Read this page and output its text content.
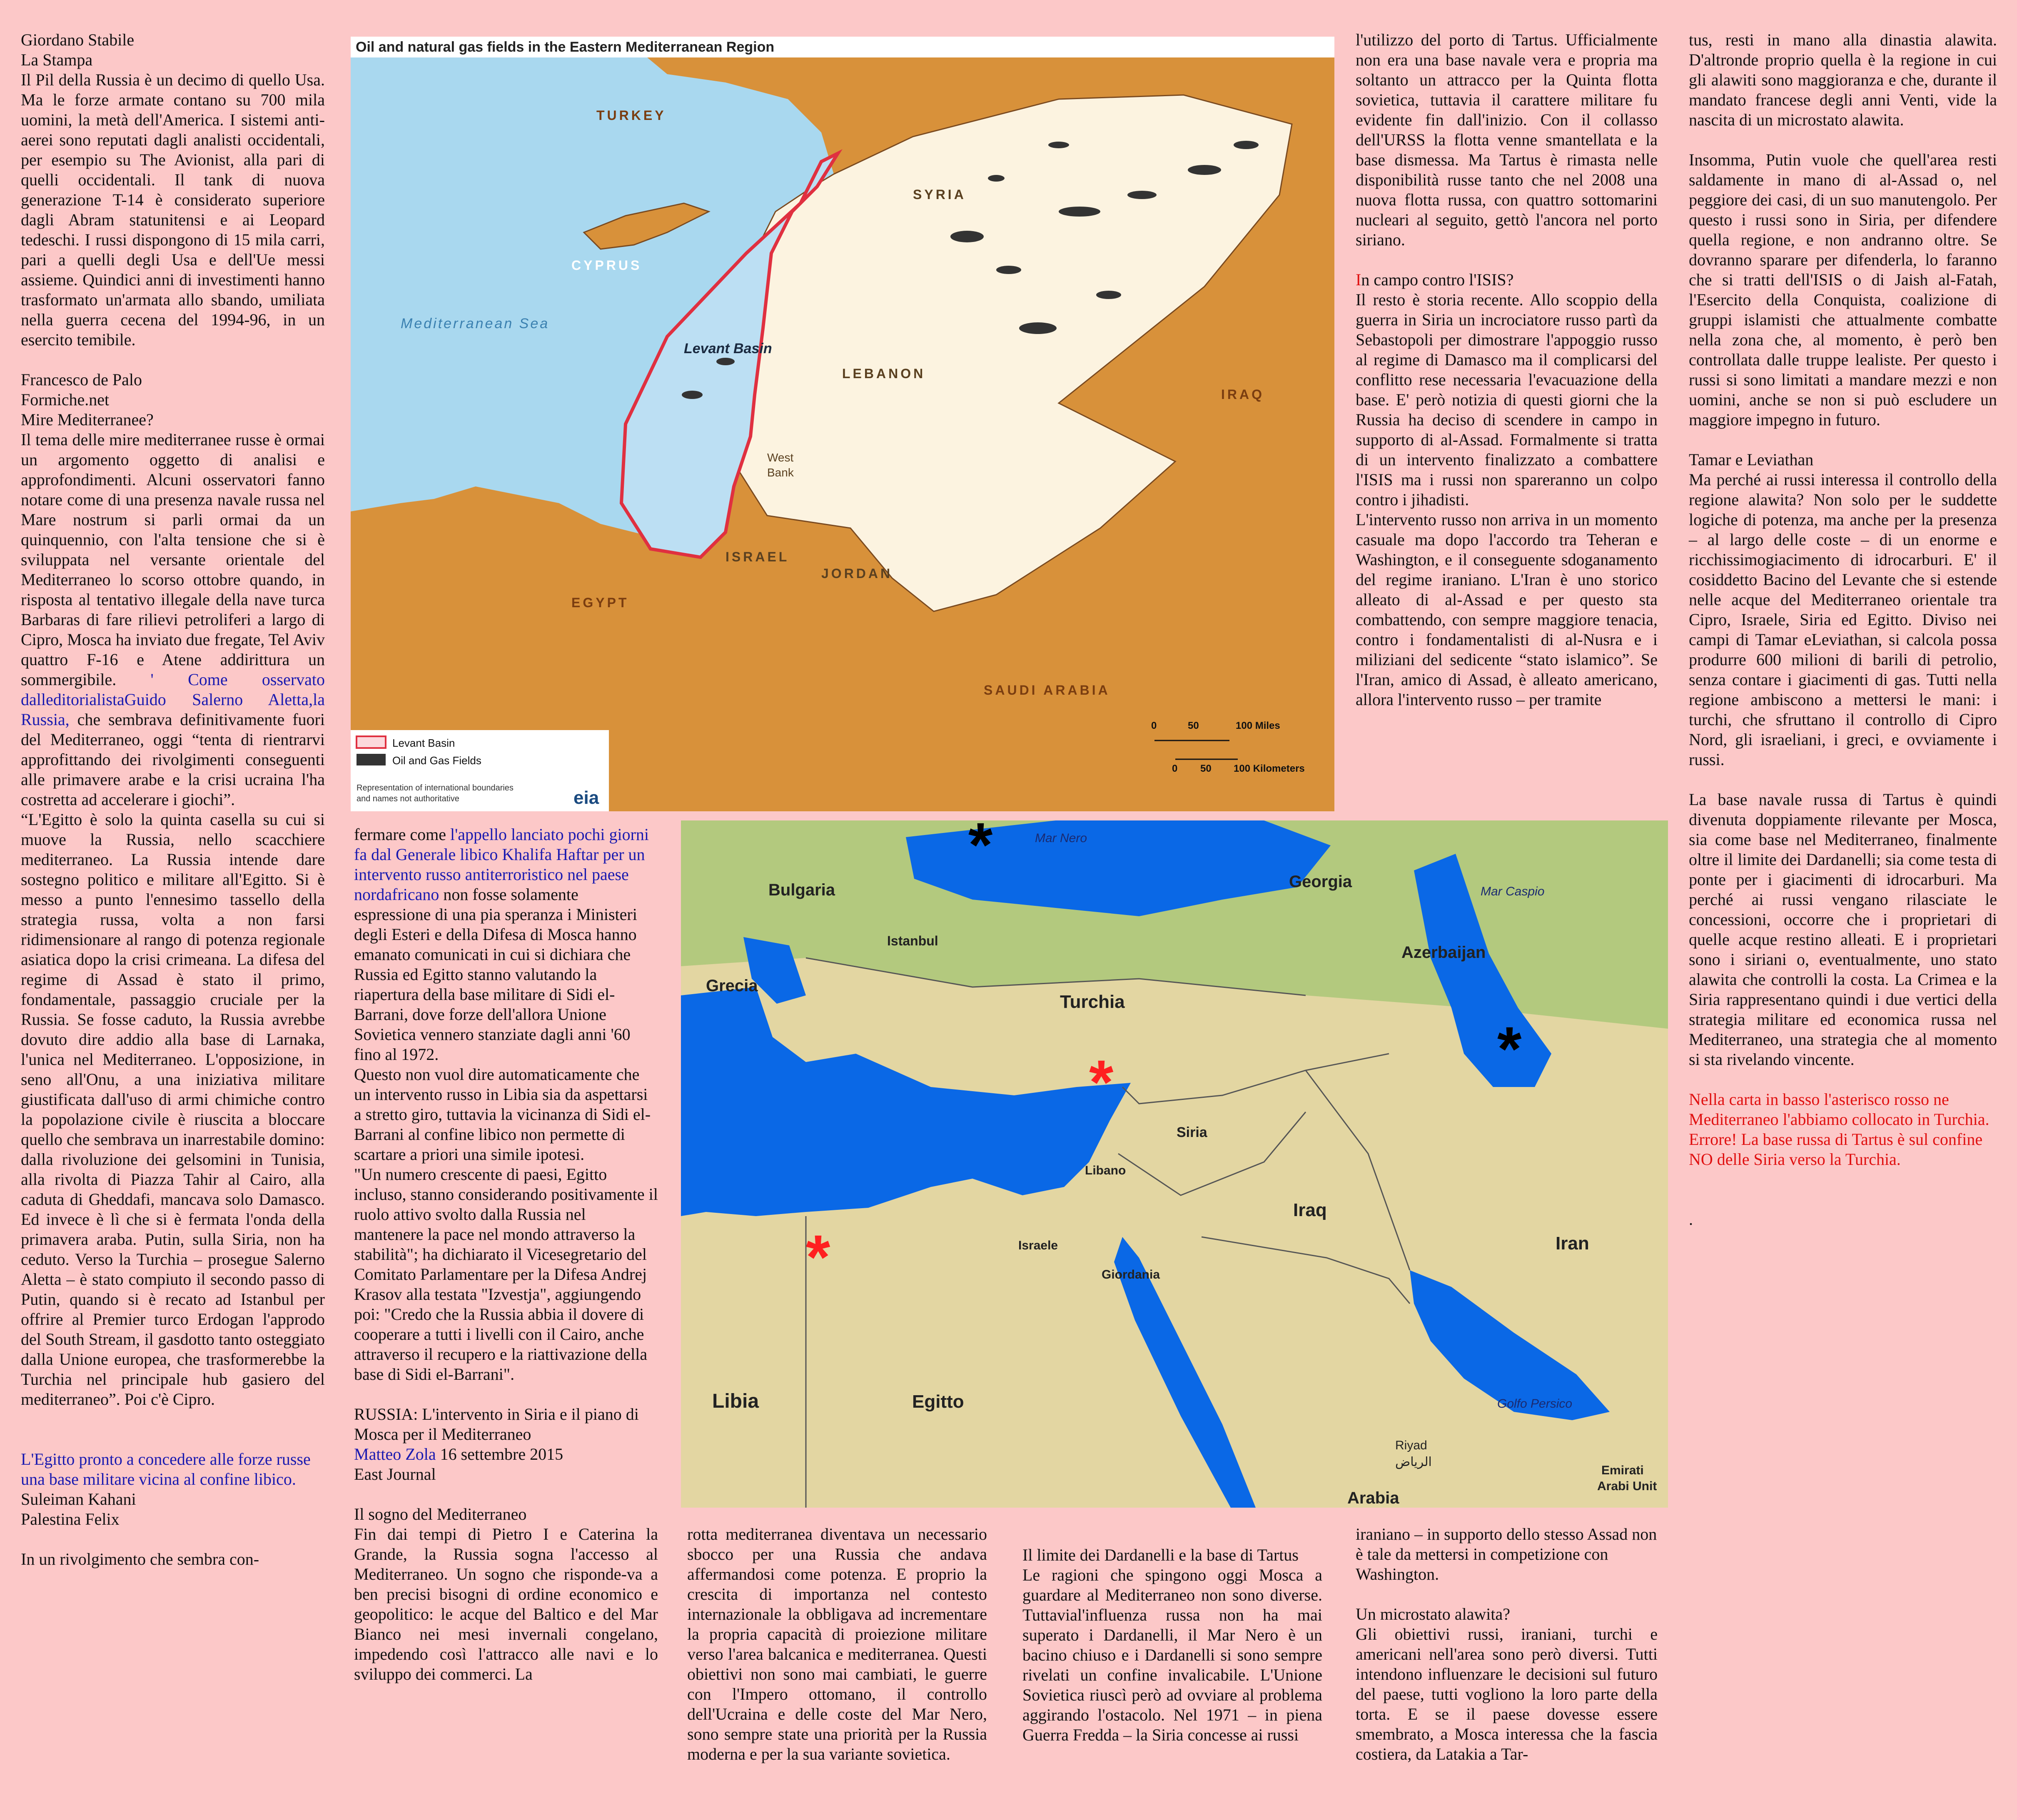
Giordano Stabile

La Stampa

Il Pil della Russia è un decimo di quello Usa. Ma le forze armate contano su 700 mila uomini, la metà dell'America. I sistemi anti-aerei sono reputati dagli analisti occidentali, per esempio su The Avionist, alla pari di quelli occidentali. Il tank di nuova generazione T-14 è considerato superiore dagli Abram statunitensi e ai Leopard tedeschi. I russi dispongono di 15 mila carri, pari a quelli degli Usa e dell'Ue messi assieme. Quindici anni di investimenti hanno trasformato un'armata allo sbando, umiliata nella guerra cecena del 1994-96, in un esercito temibile.

Francesco de Palo

Formiche.net

Mire Mediterranee?

Il tema delle mire mediterranee russe è ormai un argomento oggetto di analisi e approfondimenti. Alcuni osservatori fanno notare come di una presenza navale russa nel Mare nostrum si parli ormai da un quinquennio, con l'alta tensione che si è sviluppata nel versante orientale del Mediterraneo lo scorso ottobre quando, in risposta al tentativo illegale della nave turca Barbaras di fare rilievi petroliferi a largo di Cipro, Mosca ha inviato due fregate, Tel Aviv quattro F-16 e Atene addirittura un sommergibile. ' Come osservato dalleditorialistaGuido Salerno Aletta,la Russia, che sembrava definitivamente fuori del Mediterraneo, oggi “tenta di rientrarvi approfittando dei rivolgimenti conseguenti alle primavere arabe e la crisi ucraina l'ha costretta ad accelerare i giochi”.

“L'Egitto è solo la quinta casella su cui si muove la Russia, nello scacchiere mediterraneo. La Russia intende dare sostegno politico e militare all'Egitto. Si è messo a punto l'ennesimo tassello della strategia russa, volta a non farsi ridimensionare al rango di potenza regionale asiatica dopo la crisi crimeana. La difesa del regime di Assad è stato il primo, fondamentale, passaggio cruciale per la Russia. Se fosse caduto, la Russia avrebbe dovuto dire addio alla base di Larnaka, l'unica nel Mediterraneo. L'opposizione, in seno all'Onu, a una iniziativa militare giustificata dall'uso di armi chimiche contro la popolazione civile è riuscita a bloccare quello che sembrava un inarrestabile domino: dalla rivoluzione dei gelsomini in Tunisia, alla rivolta di Piazza Tahir al Cairo, alla caduta di Gheddafi, mancava solo Damasco. Ed invece è lì che si è fermata l'onda della primavera araba. Putin, sulla Siria, non ha ceduto. Verso la Turchia – prosegue Salerno Aletta – è stato compiuto il secondo passo di Putin, quando si è recato ad Istanbul per offrire al Premier turco Erdogan l'approdo del South Stream, il gasdotto tanto osteggiato dalla Unione europea, che trasformerebbe la Turchia nel principale hub gasiero del mediterraneo”. Poi c'è Cipro.

L'Egitto pronto a concedere alle forze russe una base militare vicina al confine libico.

Suleiman Kahani

Palestina Felix

In un rivolgimento che sembra con-

Oil and natural gas fields in the Eastern Mediterranean Region
TURKEY
SYRIA
CYPRUS
LEBANON
IRAQ
ISRAEL
JORDAN
EGYPT
SAUDI ARABIA
Mediterranean Sea
Levant Basin
West
Bank
0	50	100 Miles
0 50 100 Kilometers
Levant Basin
Oil and Gas Fields
Representation of international boundaries
and names not authoritative	eia

fermare come l'appello lanciato pochi giorni fa dal Generale libico Khalifa Haftar per un intervento russo antiterroristico nel paese nordafricano non fosse solamente espressione di una pia speranza i Ministeri degli Esteri e della Difesa di Mosca hanno emanato comunicati in cui si dichiara che Russia ed Egitto stanno valutando la riapertura della base militare di Sidi el-Barrani, dove forze dell'allora Unione Sovietica vennero stanziate dagli anni '60 fino al 1972.

Questo non vuol dire automaticamente che un intervento russo in Libia sia da aspettarsi a stretto giro, tuttavia la vicinanza di Sidi el-Barrani al confine libico non permette di scartare a priori una simile ipotesi.

"Un numero crescente di paesi, Egitto incluso, stanno considerando positivamente il ruolo attivo svolto dalla Russia nel mantenere la pace nel mondo attraverso la stabilità"; ha dichiarato il Vicesegretario del Comitato Parlamentare per la Difesa Andrej Krasov alla testata "Izvestja", aggiungendo poi: "Credo che la Russia abbia il dovere di cooperare a tutti i livelli con il Cairo, anche attraverso il recupero e la riattivazione della base di Sidi el-Barrani".

RUSSIA: L'intervento in Siria e il piano di Mosca per il Mediterraneo

Matteo Zola 16 settembre 2015

East Journal

Il sogno del Mediterraneo

Fin dai tempi di Pietro I e Caterina la Grande, la Russia sogna l'accesso al Mediterraneo. Un sogno che risponde-va a ben precisi bisogni di ordine economico e geopolitico: le acque del Baltico e del Mar Bianco nei mesi invernali congelano, impedendo così l'attracco alle navi e lo sviluppo dei commerci. La

*
*
*
*
Mar Nero
Bulgaria	Georgia
Mar Caspio
Istanbul
Azerbaijan
Grecia
Turchia
Siria
Libano
Iraq
Israele	Iran
Giordania
Libia	Egitto	Golfo Persico
Riyad
الرياض
Arabia
Emirati
Arabi Unit

rotta mediterranea diventava un necessario sbocco per una Russia che andava affermandosi come potenza. E proprio la crescita di importanza nel contesto internazionale la obbligava ad incrementare la propria capacità di proiezione militare verso l'area balcanica e mediterranea. Questi obiettivi non sono mai cambiati, le guerre con l'Impero ottomano, il controllo dell'Ucraina e delle coste del Mar Nero, sono sempre state una priorità per la Russia moderna e per la sua variante sovietica.

Il limite dei Dardanelli e la base di Tartus

Le ragioni che spingono oggi Mosca a guardare al Mediterraneo non sono diverse. Tuttavial'influenza russa non ha mai superato i Dardanelli, il Mar Nero è un bacino chiuso e i Dardanelli si sono sempre rivelati un confine invalicabile. L'Unione Sovietica riuscì però ad ovviare al problema aggirando l'ostacolo. Nel 1971 – in piena Guerra Fredda – la Siria concesse ai russi

l'utilizzo del porto di Tartus. Ufficialmente non era una base navale vera e propria ma soltanto un attracco per la Quinta flotta sovietica, tuttavia il carattere militare fu evidente fin dall'inizio. Con il collasso dell'URSS la flotta venne smantellata e la base dismessa. Ma Tartus è rimasta nelle disponibilità russe tanto che nel 2008 una nuova flotta russa, con quattro sottomarini nucleari al seguito, gettò l'ancora nel porto siriano.

In campo contro l'ISIS?

Il resto è storia recente. Allo scoppio della guerra in Siria un incrociatore russo partì da Sebastopoli per dimostrare l'appoggio russo al regime di Damasco ma il complicarsi del conflitto rese necessaria l'evacuazione della base. E' però notizia di questi giorni che la Russia ha deciso di scendere in campo in supporto di al-Assad. Formalmente si tratta di un intervento finalizzato a combattere l'ISIS ma i russi non spareranno un colpo contro i jihadisti.

L'intervento russo non arriva in un momento casuale ma dopo l'accordo tra Teheran e Washington, e il conseguente sdoganamento del regime iraniano. L'Iran è uno storico alleato di al-Assad e per questo sta combattendo, con sempre maggiore tenacia, contro i fondamentalisti di al-Nusra e i miliziani del sedicente “stato islamico”. Se l'Iran, amico di Assad, è alleato americano, allora l'intervento russo – per tramite

iraniano – in supporto dello stesso Assad non è tale da mettersi in competizione con Washington.

Un microstato alawita?

Gli obiettivi russi, iraniani, turchi e americani nell'area sono però diversi. Tutti intendono influenzare le decisioni sul futuro del paese, tutti vogliono la loro parte della torta. E se il paese dovesse essere smembrato, a Mosca interessa che la fascia costiera, da Latakia a Tar-

tus, resti in mano alla dinastia alawita. D'altronde proprio quella è la regione in cui gli alawiti sono maggioranza e che, durante il mandato francese degli anni Venti, vide la nascita di un microstato alawita.

Insomma, Putin vuole che quell'area resti saldamente in mano di al-Assad o, nel peggiore dei casi, di un suo manutengolo. Per questo i russi sono in Siria, per difendere quella regione, e non andranno oltre. Se dovranno sparare per difenderla, lo faranno che si tratti dell'ISIS o di Jaish al-Fatah, l'Esercito della Conquista, coalizione di gruppi islamisti che attualmente combatte nella zona che, al momento, è però ben controllata dalle truppe lealiste. Per questo i russi si sono limitati a mandare mezzi e non uomini, anche se non si può escludere un maggiore impegno in futuro.

Tamar e Leviathan

Ma perché ai russi interessa il controllo della regione alawita? Non solo per le suddette logiche di potenza, ma anche per la presenza – al largo delle coste – di un enorme e ricchissimogiacimento di idrocarburi. E' il cosiddetto Bacino del Levante che si estende nelle acque del Mediterraneo orientale tra Cipro, Israele, Siria ed Egitto. Diviso nei campi di Tamar eLeviathan, si calcola possa produrre 600 milioni di barili di petrolio, senza contare i giacimenti di gas. Tutti nella regione ambiscono a mettersi le mani: i turchi, che sfruttano il controllo di Cipro Nord, gli israeliani, i greci, e ovviamente i russi.

La base navale russa di Tartus è quindi divenuta doppiamente rilevante per Mosca, sia come base nel Mediterraneo, finalmente oltre il limite dei Dardanelli; sia come testa di ponte per i giacimenti di idrocarburi. Ma perché ai russi vengano rilasciate le concessioni, occorre che i proprietari di quelle acque restino alleati. E i proprietari sono i siriani o, eventualmente, uno stato alawita che controlli la costa. La Crimea e la Siria rappresentano quindi i due vertici della strategia militare ed economica russa nel Mediterraneo, una strategia che al momento si sta rivelando vincente.

Nella carta in basso l'asterisco rosso ne Mediterraneo l'abbiamo collocato in Turchia. Errore! La base russa di Tartus è sul confine NO delle Siria verso la Turchia.

.
